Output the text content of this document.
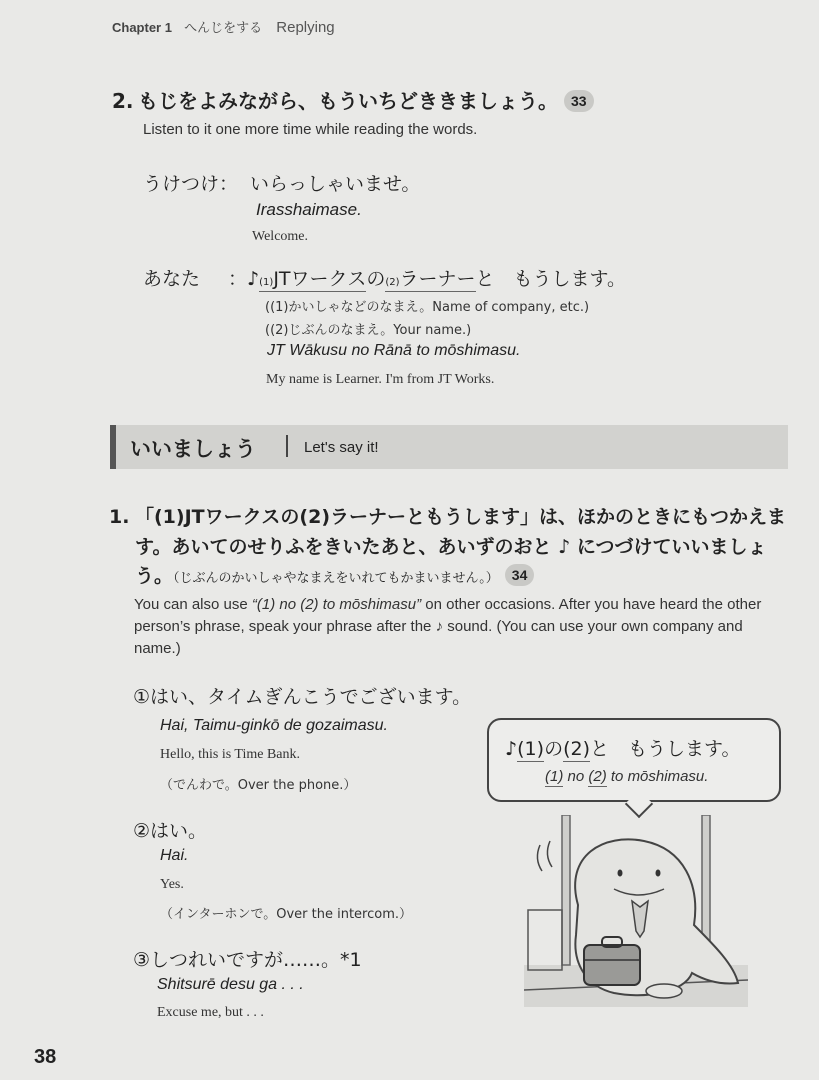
Chapter 1 へんじをする Replying
2. もじをよみながら、もういちどききましょう。 33
Listen to it one more time while reading the words.
うけつけ： いらっしゃいませ。
Irasshaimase.
Welcome.
あなた ：♪(1)JTワークスの(2)ラーナーと　もうします。
((1)かいしゃなどのなまえ。Name of company, etc.)
((2)じぶんのなまえ。Your name.)
JT Wākusu no Rānā to mōshimasu.
My name is Learner. I'm from JT Works.
いいましょう	Let's say it!
1. 「(1)JTワークスの(2)ラーナーともうします」は、ほかのときにもつかえま
す。あいてのせりふをきいたあと、あいずのおと ♪ につづけていいましょ
う。（じぶんのかいしゃやなまえをいれてもかまいません。） 34
You can also use “(1) no (2) to mōshimasu” on other occasions. After you have heard the other person’s phrase, speak your phrase after the ♪ sound. (You can use your own company and name.)
①はい、タイムぎんこうでございます。
Hai, Taimu-ginkō de gozaimasu.
Hello, this is Time Bank.
（でんわで。Over the phone.）
②はい。
Hai.
Yes.
（インターホンで。Over the intercom.）
③しつれいですが……。*1
Shitsurē desu ga . . .
Excuse me, but . . .
♪(1)の(2)と　もうします。
(1) no (2) to mōshimasu.
38
